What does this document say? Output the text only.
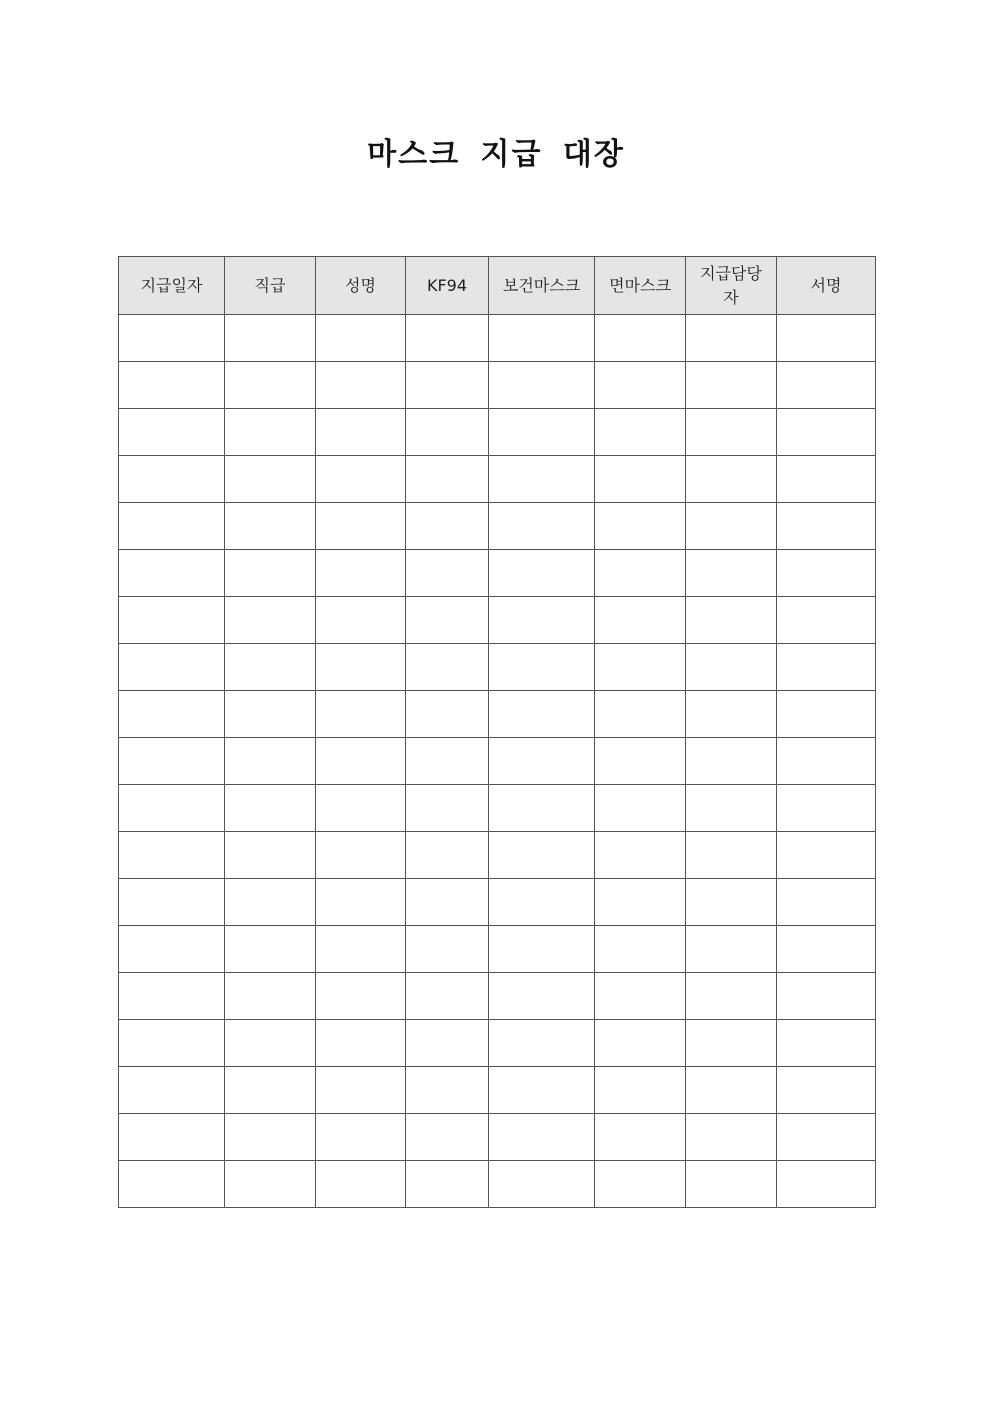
마스크 지급 대장
지급일자	직급	성명	KF94	보건마스크	면마스크	지급담당자	서명
